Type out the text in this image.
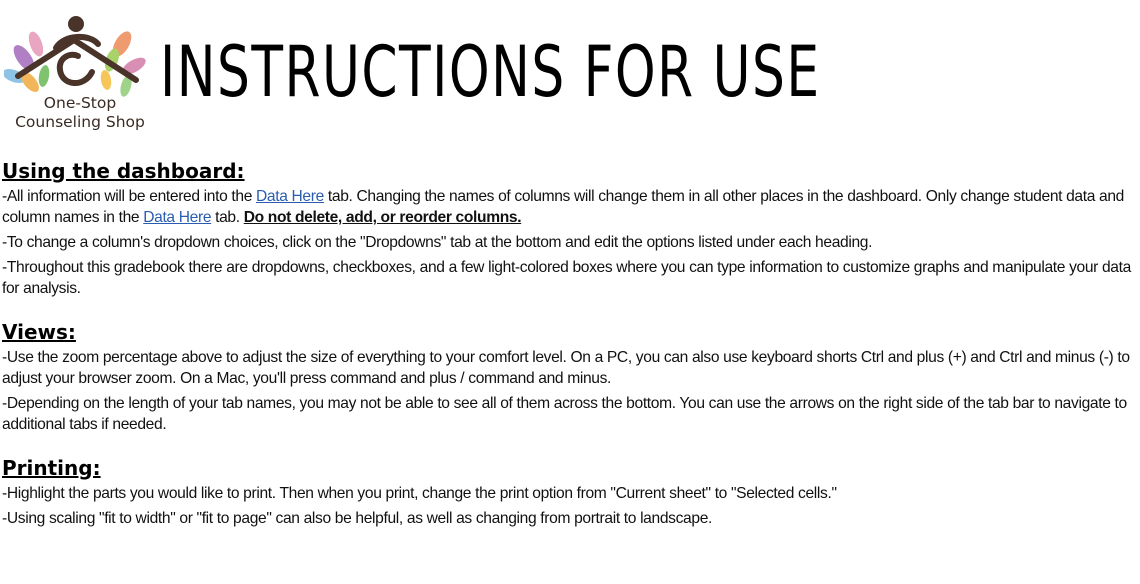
One-Stop
Counseling Shop
INSTRUCTIONS FOR USE
Using the dashboard:

-All information will be entered into the Data Here tab. Changing the names of columns will change them in all other places in the dashboard. Only change student data and column names in the Data Here tab. Do not delete, add, or reorder columns.

-To change a column's dropdown choices, click on the "Dropdowns" tab at the bottom and edit the options listed under each heading.

-Throughout this gradebook there are dropdowns, checkboxes, and a few light-colored boxes where you can type information to customize graphs and manipulate your data for analysis.

Views:

-Use the zoom percentage above to adjust the size of everything to your comfort level. On a PC, you can also use keyboard shorts Ctrl and plus (+) and Ctrl and minus (-) to adjust your browser zoom. On a Mac, you'll press command and plus / command and minus.

-Depending on the length of your tab names, you may not be able to see all of them across the bottom. You can use the arrows on the right side of the tab bar to navigate to additional tabs if needed.

Printing:

-Highlight the parts you would like to print. Then when you print, change the print option from "Current sheet" to "Selected cells."

-Using scaling "fit to width" or "fit to page" can also be helpful, as well as changing from portrait to landscape.
